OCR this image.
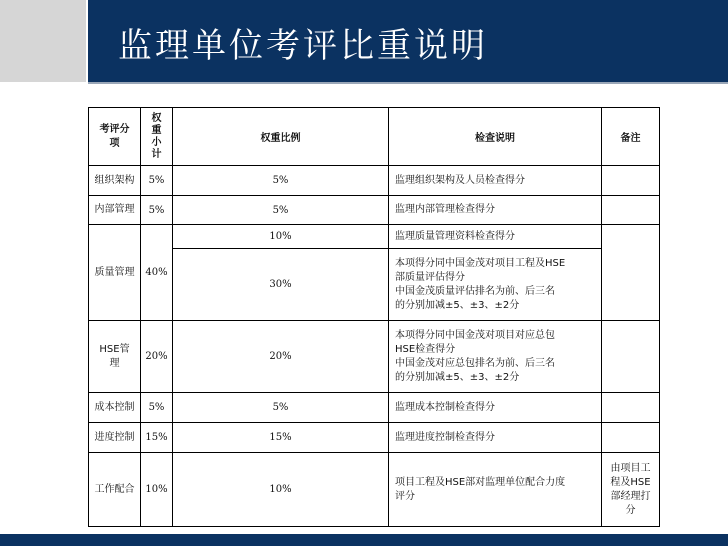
监理单位考评比重说明
考评分项	权重小计	权重比例	检查说明	备注

组织架构	5%	5%	监理组织架构及人员检查得分	

内部管理	5%	5%	监理内部管理检查得分	

质量管理	40%	10%	监理质量管理资料检查得分	
		30%	本项得分同中国金茂对项目工程及HSE
部质量评估得分
中国金茂质量评估排名为前、后三名
的分别加减±5、±3、±2分	

HSE管理	20%	20%	本项得分同中国金茂对项目对应总包
HSE检查得分
中国金茂对应总包排名为前、后三名
的分别加减±5、±3、±2分	

成本控制	5%	5%	监理成本控制检查得分	

进度控制	15%	15%	监理进度控制检查得分	

工作配合	10%	10%	项目工程及HSE部对监理单位配合力度
评分	由项目工程及HSE部经理打分
